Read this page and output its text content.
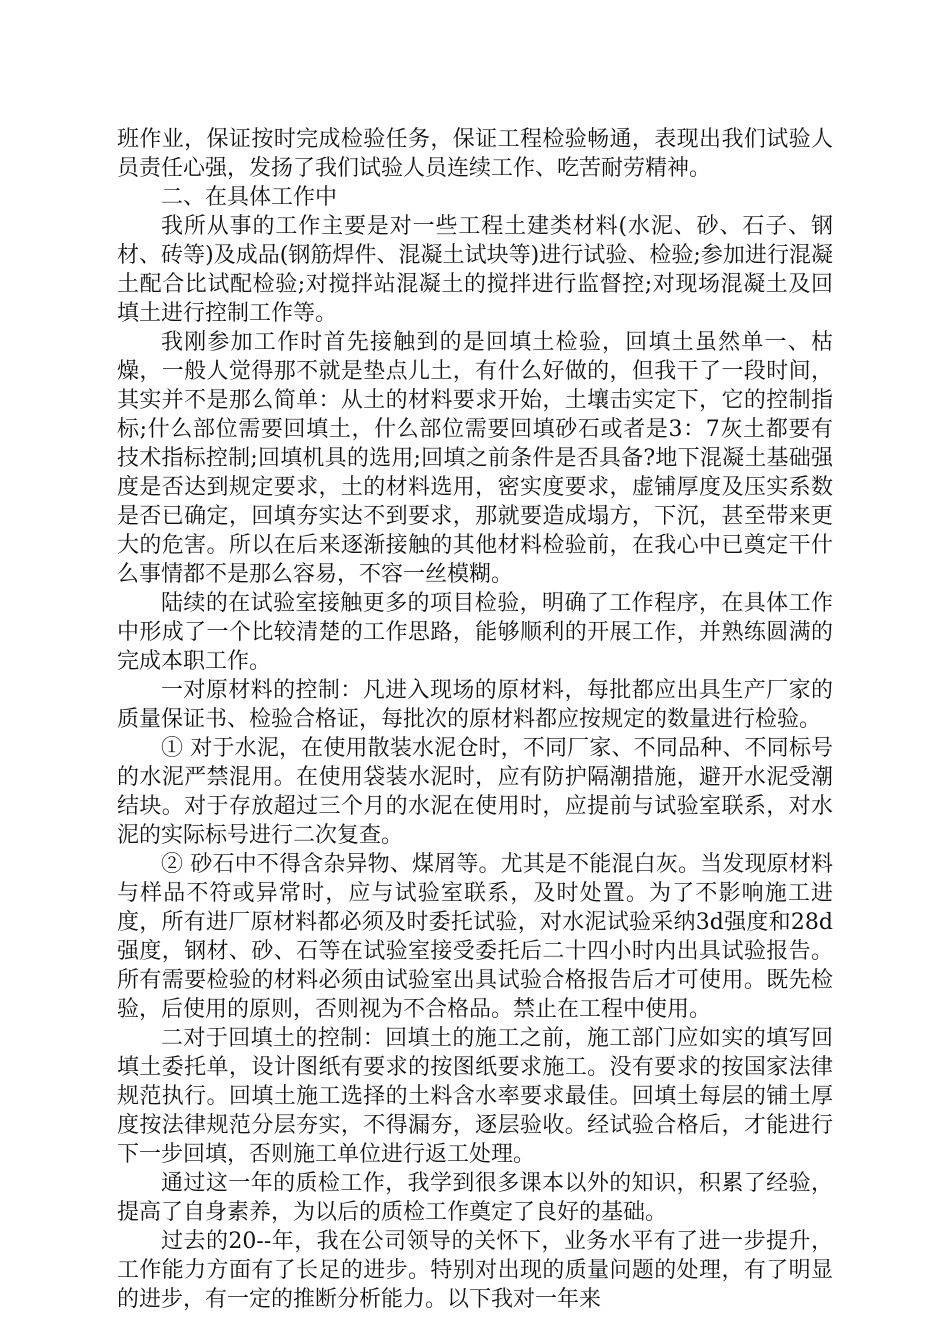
班作业，保证按时完成检验任务，保证工程检验畅通，表现出我们试验人员责任心强，发扬了我们试验人员连续工作、吃苦耐劳精神。

二、在具体工作中

我所从事的工作主要是对一些工程土建类材料(水泥、砂、石子、钢材、砖等)及成品(钢筋焊件、混凝土试块等)进行试验、检验;参加进行混凝土配合比试配检验;对搅拌站混凝土的搅拌进行监督控;对现场混凝土及回填土进行控制工作等。

我刚参加工作时首先接触到的是回填土检验，回填土虽然单一、枯燥，一般人觉得那不就是垫点儿土，有什么好做的，但我干了一段时间，其实并不是那么简单：从土的材料要求开始，土壤击实定下，它的控制指标;什么部位需要回填土，什么部位需要回填砂石或者是3：7灰土都要有技术指标控制;回填机具的选用;回填之前条件是否具备?地下混凝土基础强度是否达到规定要求，土的材料选用，密实度要求，虚铺厚度及压实系数是否已确定，回填夯实达不到要求，那就要造成塌方，下沉，甚至带来更大的危害。所以在后来逐渐接触的其他材料检验前，在我心中已奠定干什么事情都不是那么容易，不容一丝模糊。

陆续的在试验室接触更多的项目检验，明确了工作程序，在具体工作中形成了一个比较清楚的工作思路，能够顺利的开展工作，并熟练圆满的完成本职工作。

一对原材料的控制：凡进入现场的原材料，每批都应出具生产厂家的质量保证书、检验合格证，每批次的原材料都应按规定的数量进行检验。

① 对于水泥，在使用散装水泥仓时，不同厂家、不同品种、不同标号的水泥严禁混用。在使用袋装水泥时，应有防护隔潮措施，避开水泥受潮结块。对于存放超过三个月的水泥在使用时，应提前与试验室联系，对水泥的实际标号进行二次复查。

② 砂石中不得含杂异物、煤屑等。尤其是不能混白灰。当发现原材料与样品不符或异常时，应与试验室联系，及时处置。为了不影响施工进度，所有进厂原材料都必须及时委托试验，对水泥试验采纳3d强度和28d强度，钢材、砂、石等在试验室接受委托后二十四小时内出具试验报告。所有需要检验的材料必须由试验室出具试验合格报告后才可使用。既先检验，后使用的原则，否则视为不合格品。禁止在工程中使用。

二对于回填土的控制：回填土的施工之前，施工部门应如实的填写回填土委托单，设计图纸有要求的按图纸要求施工。没有要求的按国家法律规范执行。回填土施工选择的土料含水率要求最佳。回填土每层的铺土厚度按法律规范分层夯实，不得漏夯，逐层验收。经试验合格后，才能进行下一步回填，否则施工单位进行返工处理。

通过这一年的质检工作，我学到很多课本以外的知识，积累了经验，提高了自身素养，为以后的质检工作奠定了良好的基础。

过去的20--年，我在公司领导的关怀下，业务水平有了进一步提升，工作能力方面有了长足的进步。特别对出现的质量问题的处理，有了明显的进步，有一定的推断分析能力。以下我对一年来
